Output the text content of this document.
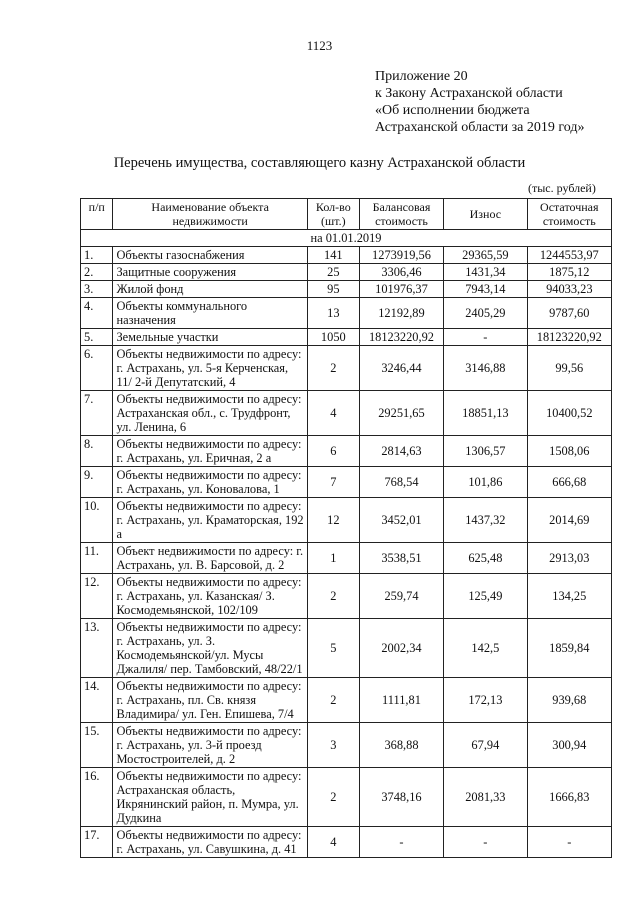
1123
Приложение 20
к Закону Астраханской области
«Об исполнении бюджета
Астраханской области за 2019 год»
Перечень имущества, составляющего казну Астраханской области
(тыс. рублей)
п/п	Наименование объекта недвижимости	Кол-во (шт.)	Балансовая стоимость	Износ	Остаточная стоимость
на 01.01.2019					
1.	Объекты газоснабжения	141	1273919,56	29365,59	1244553,97
2.	Защитные сооружения	25	3306,46	1431,34	1875,12
3.	Жилой фонд	95	101976,37	7943,14	94033,23
4.	Объекты коммунального назначения	13	12192,89	2405,29	9787,60
5.	Земельные участки	1050	18123220,92	-	18123220,92
6.	Объекты недвижимости по адресу: г. Астрахань, ул. 5-я Керченская, 11/ 2-й Депутатский, 4	2	3246,44	3146,88	99,56
7.	Объекты недвижимости по адресу: Астраханская обл., с. Трудфронт, ул. Ленина, 6	4	29251,65	18851,13	10400,52
8.	Объекты недвижимости по адресу: г. Астрахань, ул. Еричная, 2 а	6	2814,63	1306,57	1508,06
9.	Объекты недвижимости по адресу: г. Астрахань, ул. Коновалова, 1	7	768,54	101,86	666,68
10.	Объекты недвижимости по адресу: г. Астрахань, ул. Краматорская, 192 а	12	3452,01	1437,32	2014,69
11.	Объект недвижимости по адресу: г. Астрахань, ул. В. Барсовой, д. 2	1	3538,51	625,48	2913,03
12.	Объекты недвижимости по адресу: г. Астрахань, ул. Казанская/ З. Космодемьянской, 102/109	2	259,74	125,49	134,25
13.	Объекты недвижимости по адресу: г. Астрахань, ул. З. Космодемьянской/ул. Мусы Джалиля/ пер. Тамбовский, 48/22/1	5	2002,34	142,5	1859,84
14.	Объекты недвижимости по адресу: г. Астрахань, пл. Св. князя Владимира/ ул. Ген. Епишева, 7/4	2	1111,81	172,13	939,68
15.	Объекты недвижимости по адресу: г. Астрахань, ул. 3-й проезд Мостостроителей, д. 2	3	368,88	67,94	300,94
16.	Объекты недвижимости по адресу: Астраханская область, Икрянинский район, п. Мумра, ул. Дудкина	2	3748,16	2081,33	1666,83
17.	Объекты недвижимости по адресу: г. Астрахань, ул. Савушкина, д. 41	4	-	-	-
